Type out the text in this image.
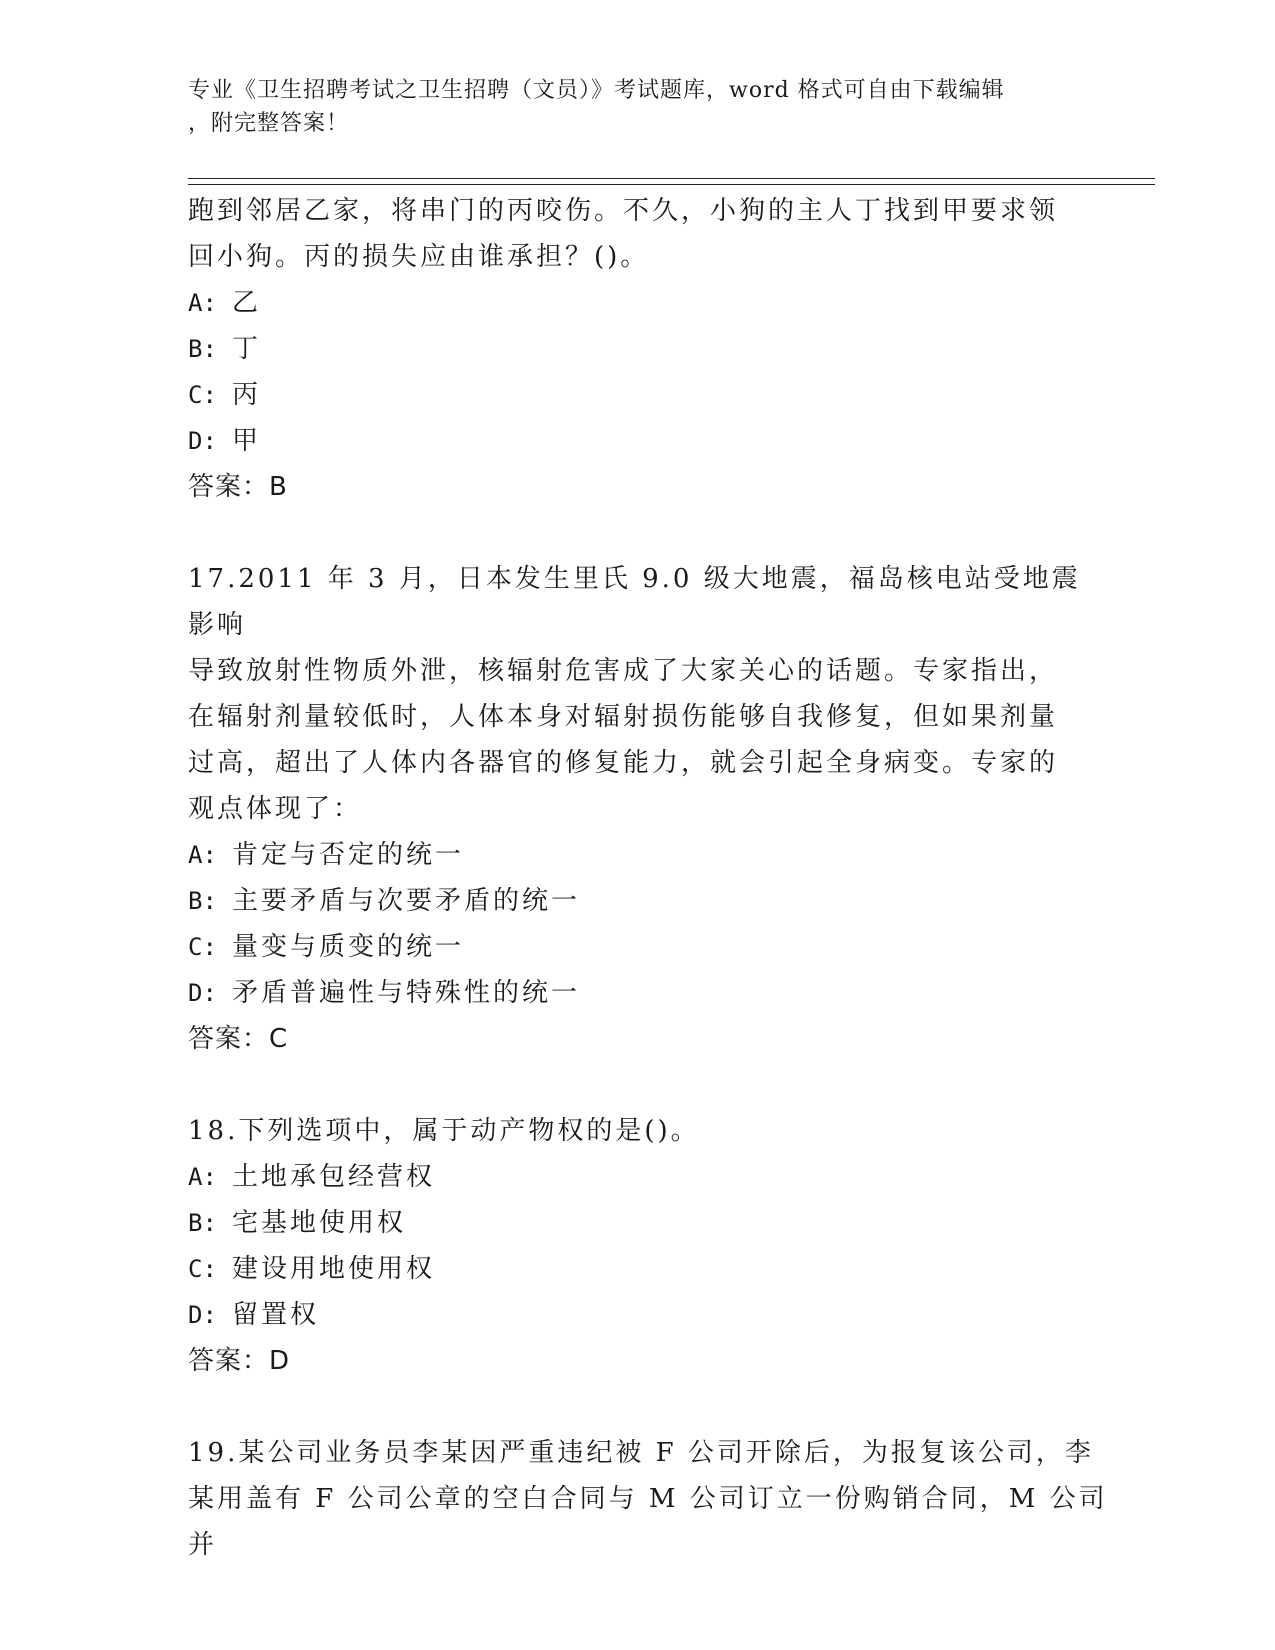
专业《卫生招聘考试之卫生招聘（文员）》考试题库，word 格式可自由下载编辑
，附完整答案！

跑到邻居乙家，将串门的丙咬伤。不久，小狗的主人丁找到甲要求领

回小狗。丙的损失应由谁承担？()。

A: 乙

B: 丁

C: 丙

D: 甲

答案：B

17.2011 年 3 月，日本发生里氏 9.0 级大地震，福岛核电站受地震影响

导致放射性物质外泄，核辐射危害成了大家关心的话题。专家指出，

在辐射剂量较低时，人体本身对辐射损伤能够自我修复，但如果剂量

过高，超出了人体内各器官的修复能力，就会引起全身病变。专家的

观点体现了：

A: 肯定与否定的统一

B: 主要矛盾与次要矛盾的统一

C: 量变与质变的统一

D: 矛盾普遍性与特殊性的统一

答案：C

18.下列选项中，属于动产物权的是()。

A: 土地承包经营权

B: 宅基地使用权

C: 建设用地使用权

D: 留置权

答案：D

19.某公司业务员李某因严重违纪被 F 公司开除后，为报复该公司，李

某用盖有 F 公司公章的空白合同与 M 公司订立一份购销合同，M 公司并
